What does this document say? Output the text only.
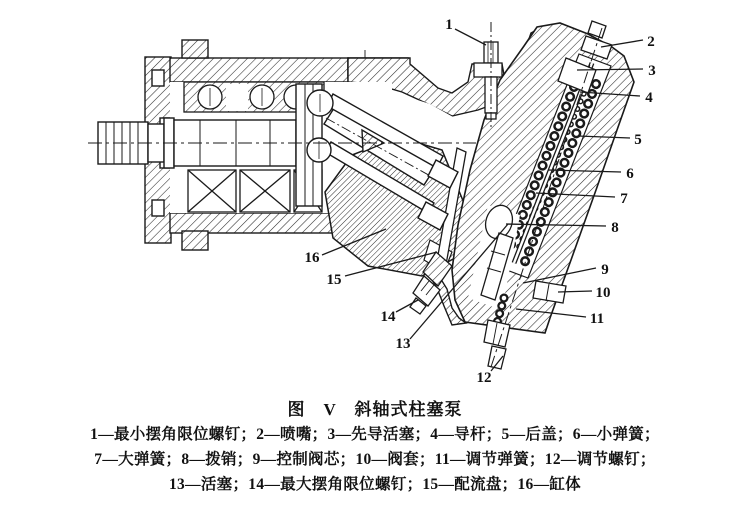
1
2
3
4
5
6
7
8
9
10
11
12
13
14
15
16
图　V　斜轴式柱塞泵
1—最小摆角限位螺钉；2—喷嘴；3—先导活塞；4—导杆；5—后盖；6—小弹簧；
7—大弹簧；8—拨销；9—控制阀芯；10—阀套；11—调节弹簧；12—调节螺钉；
13—活塞；14—最大摆角限位螺钉；15—配流盘；16—缸体
